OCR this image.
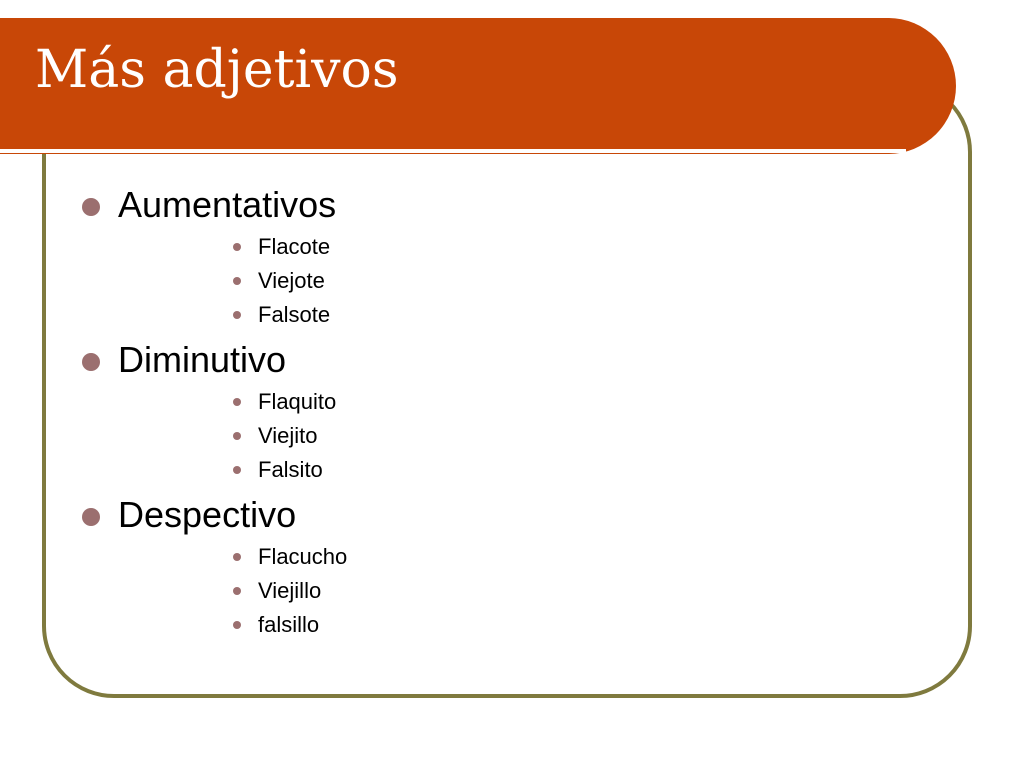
Más adjetivos
Aumentativos
Flacote
Viejote
Falsote
Diminutivo
Flaquito
Viejito
Falsito
Despectivo
Flacucho
Viejillo
falsillo
